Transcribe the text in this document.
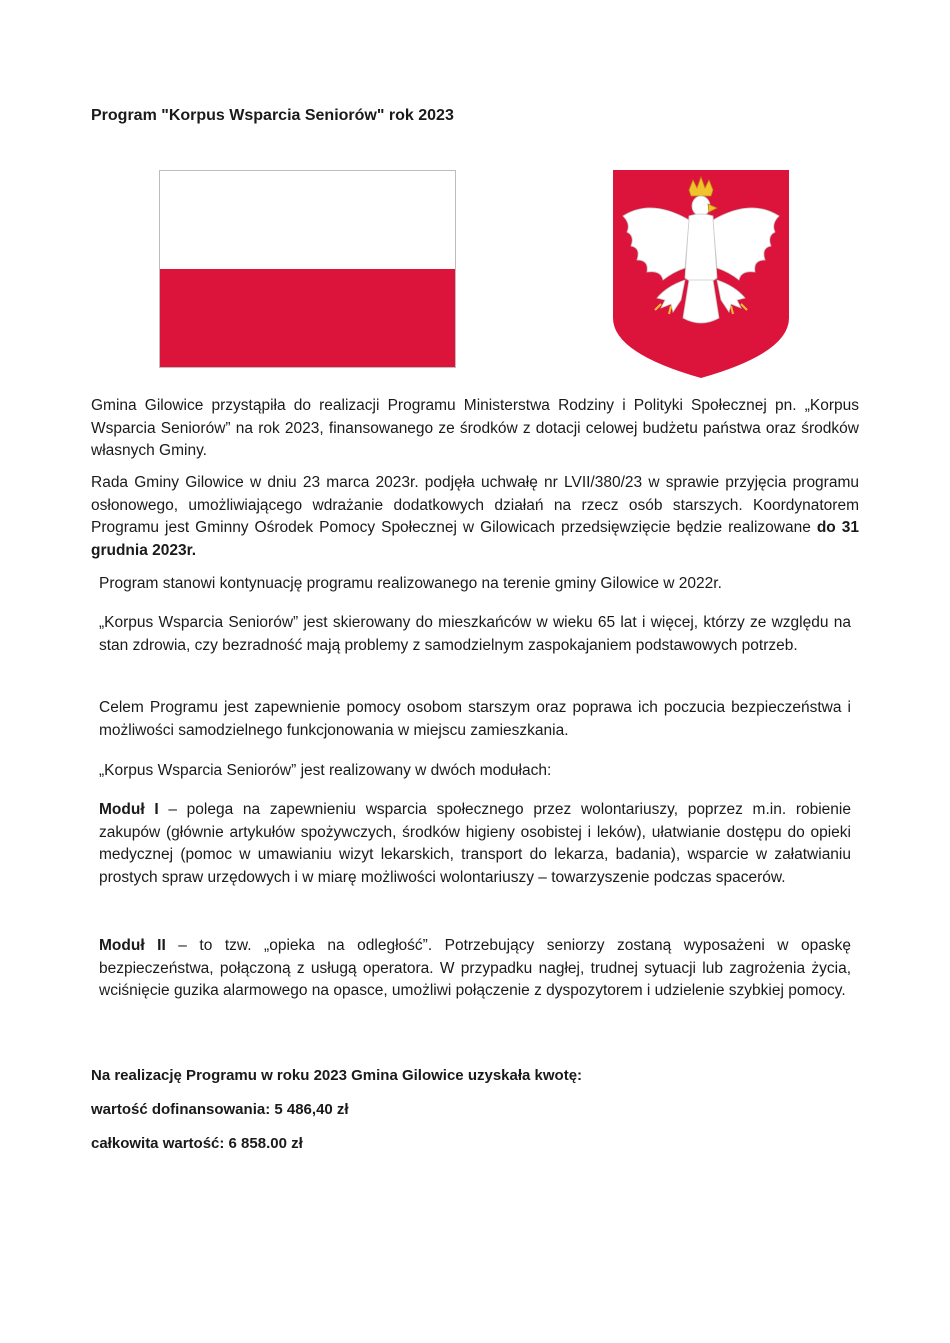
Program "Korpus Wsparcia Seniorów" rok 2023

Gmina Gilowice przystąpiła do realizacji Programu Ministerstwa Rodziny i Polityki Społecznej pn. „Korpus Wsparcia Seniorów” na rok 2023, finansowanego ze środków z dotacji celowej budżetu państwa oraz środków własnych Gminy.

Rada Gminy Gilowice w dniu 23 marca 2023r. podjęła uchwałę nr LVII/380/23 w sprawie przyjęcia programu osłonowego, umożliwiającego wdrażanie dodatkowych działań na rzecz osób starszych. Koordynatorem Programu jest Gminny Ośrodek Pomocy Społecznej w Gilowicach przedsięwzięcie będzie realizowane do 31 grudnia 2023r.

Program stanowi kontynuację programu realizowanego na terenie gminy Gilowice w 2022r.

„Korpus Wsparcia Seniorów” jest skierowany do mieszkańców w wieku 65 lat i więcej, którzy ze względu na stan zdrowia, czy bezradność mają problemy z samodzielnym zaspokajaniem podstawowych potrzeb.

Celem Programu jest zapewnienie pomocy osobom starszym oraz poprawa ich poczucia bezpieczeństwa i możliwości samodzielnego funkcjonowania w miejscu zamieszkania.

„Korpus Wsparcia Seniorów” jest realizowany w dwóch modułach:

Moduł I – polega na zapewnieniu wsparcia społecznego przez wolontariuszy, poprzez m.in. robienie zakupów (głównie artykułów spożywczych, środków higieny osobistej i leków), ułatwianie dostępu do opieki medycznej (pomoc w umawianiu wizyt lekarskich, transport do lekarza, badania), wsparcie w załatwianiu prostych spraw urzędowych i w miarę możliwości wolontariuszy – towarzyszenie podczas spacerów.

Moduł II – to tzw. „opieka na odległość”. Potrzebujący seniorzy zostaną wyposażeni w opaskę bezpieczeństwa, połączoną z usługą operatora. W przypadku nagłej, trudnej sytuacji lub zagrożenia życia, wciśnięcie guzika alarmowego na opasce, umożliwi połączenie z dyspozytorem i udzielenie szybkiej pomocy.

Na realizację Programu w roku 2023 Gmina Gilowice uzyskała kwotę:

wartość dofinansowania: 5 486,40 zł

całkowita wartość: 6 858.00 zł
